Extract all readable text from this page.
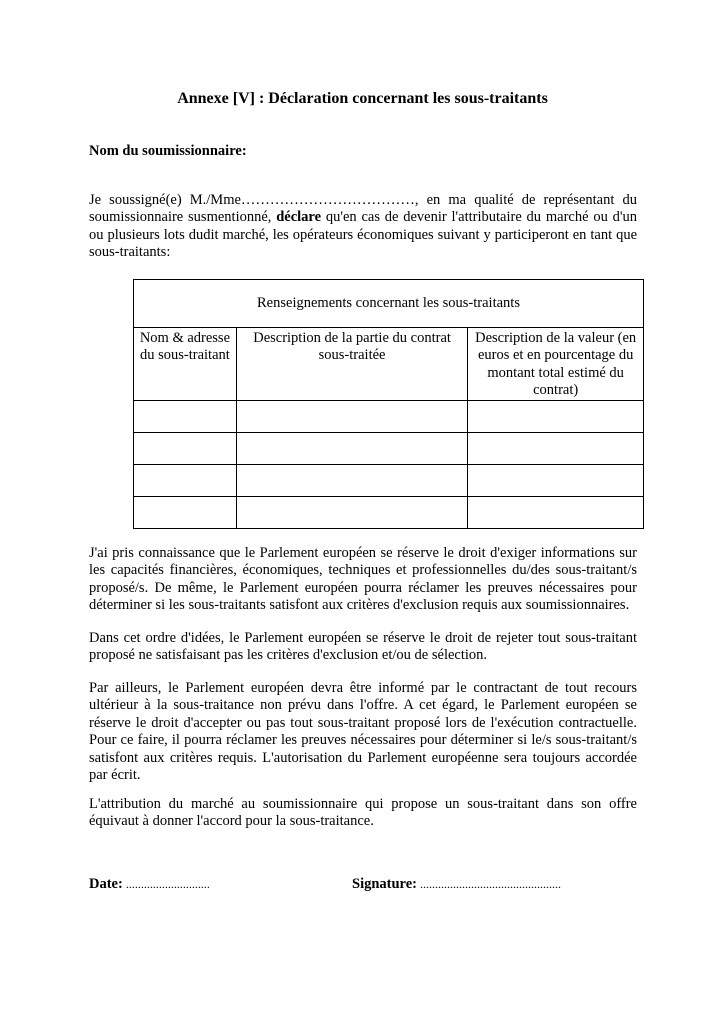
Annexe [V] : Déclaration concernant les sous-traitants
Nom du soumissionnaire:

Je soussigné(e) M./Mme………………………………, en ma qualité de représentant du soumissionnaire susmentionné, déclare qu'en cas de devenir l'attributaire du marché ou d'un ou plusieurs lots dudit marché, les opérateurs économiques suivant y participeront en tant que sous-traitants:

Renseignements concernant les sous-traitants		
Nom & adresse du sous-traitant	Description de la partie du contrat sous-traitée	Description de la valeur (en euros et en pourcentage du montant total estimé du contrat)

J'ai pris connaissance que le Parlement européen se réserve le droit d'exiger informations sur les capacités financières, économiques, techniques et professionnelles du/des sous-traitant/s proposé/s. De même, le Parlement européen pourra réclamer les preuves nécessaires pour déterminer si les sous-traitants satisfont aux critères d'exclusion requis aux soumissionnaires.

Dans cet ordre d'idées, le Parlement européen se réserve le droit de rejeter tout sous-traitant proposé ne satisfaisant pas les critères d'exclusion et/ou de sélection.

Par ailleurs, le Parlement européen devra être informé par le contractant de tout recours ultérieur à la sous-traitance non prévu dans l'offre. A cet égard, le Parlement européen se réserve le droit d'accepter ou pas tout sous-traitant proposé lors de l'exécution contractuelle. Pour ce faire, il pourra réclamer les preuves nécessaires pour déterminer si le/s sous-traitant/s satisfont aux critères requis. L'autorisation du Parlement européenne sera toujours accordée par écrit.

L'attribution du marché au soumissionnaire qui propose un sous-traitant dans son offre équivaut à donner l'accord pour la sous-traitance.

Date: ............................	Signature: ...............................................
